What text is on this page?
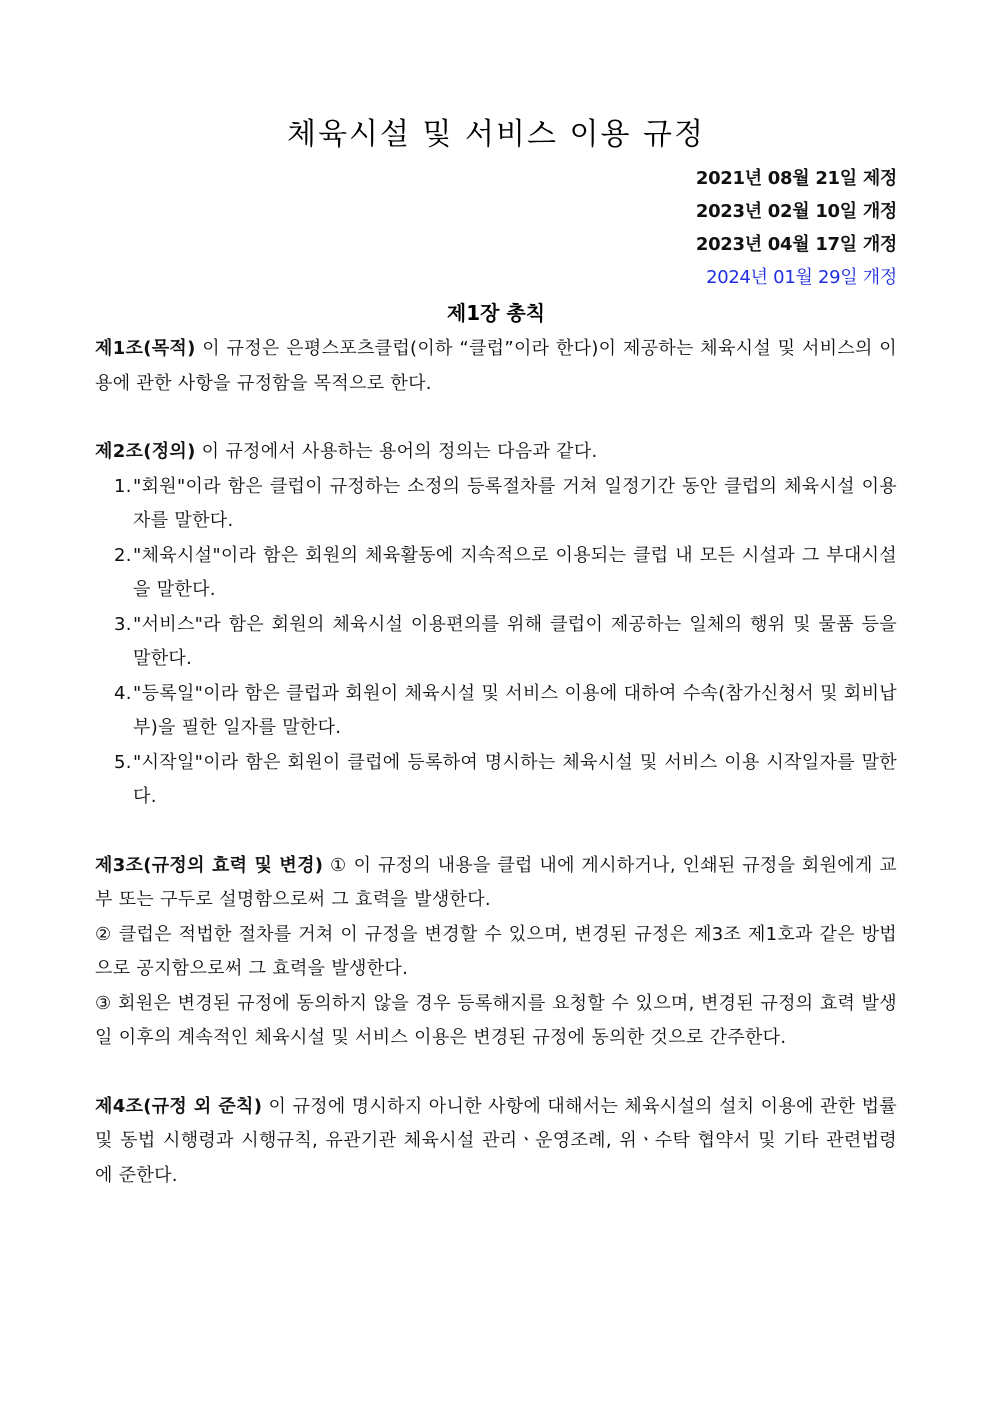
체육시설 및 서비스 이용 규정
2021년 08월 21일 제정
2023년 02월 10일 개정
2023년 04월 17일 개정
2024년 01월 29일 개정
제1장 총칙

제1조(목적) 이 규정은 은평스포츠클럽(이하 “클럽”이라 한다)이 제공하는 체육시설 및 서비스의 이용에 관한 사항을 규정함을 목적으로 한다.

제2조(정의) 이 규정에서 사용하는 용어의 정의는 다음과 같다.

1."회원"이라 함은 클럽이 규정하는 소정의 등록절차를 거쳐 일정기간 동안 클럽의 체육시설 이용자를 말한다.
2."체육시설"이라 함은 회원의 체육활동에 지속적으로 이용되는 클럽 내 모든 시설과 그 부대시설을 말한다.
3."서비스"라 함은 회원의 체육시설 이용편의를 위해 클럽이 제공하는 일체의 행위 및 물품 등을 말한다.
4."등록일"이라 함은 클럽과 회원이 체육시설 및 서비스 이용에 대하여 수속(참가신청서 및 회비납부)을 필한 일자를 말한다.
5."시작일"이라 함은 회원이 클럽에 등록하여 명시하는 체육시설 및 서비스 이용 시작일자를 말한다.

제3조(규정의 효력 및 변경) ① 이 규정의 내용을 클럽 내에 게시하거나, 인쇄된 규정을 회원에게 교부 또는 구두로 설명함으로써 그 효력을 발생한다.

② 클럽은 적법한 절차를 거쳐 이 규정을 변경할 수 있으며, 변경된 규정은 제3조 제1호과 같은 방법으로 공지함으로써 그 효력을 발생한다.

③ 회원은 변경된 규정에 동의하지 않을 경우 등록해지를 요청할 수 있으며, 변경된 규정의 효력 발생일 이후의 계속적인 체육시설 및 서비스 이용은 변경된 규정에 동의한 것으로 간주한다.

제4조(규정 외 준칙) 이 규정에 명시하지 아니한 사항에 대해서는 체육시설의 설치 이용에 관한 법률 및 동법 시행령과 시행규칙, 유관기관 체육시설 관리ㆍ운영조례, 위ㆍ수탁 협약서 및 기타 관련법령에 준한다.
